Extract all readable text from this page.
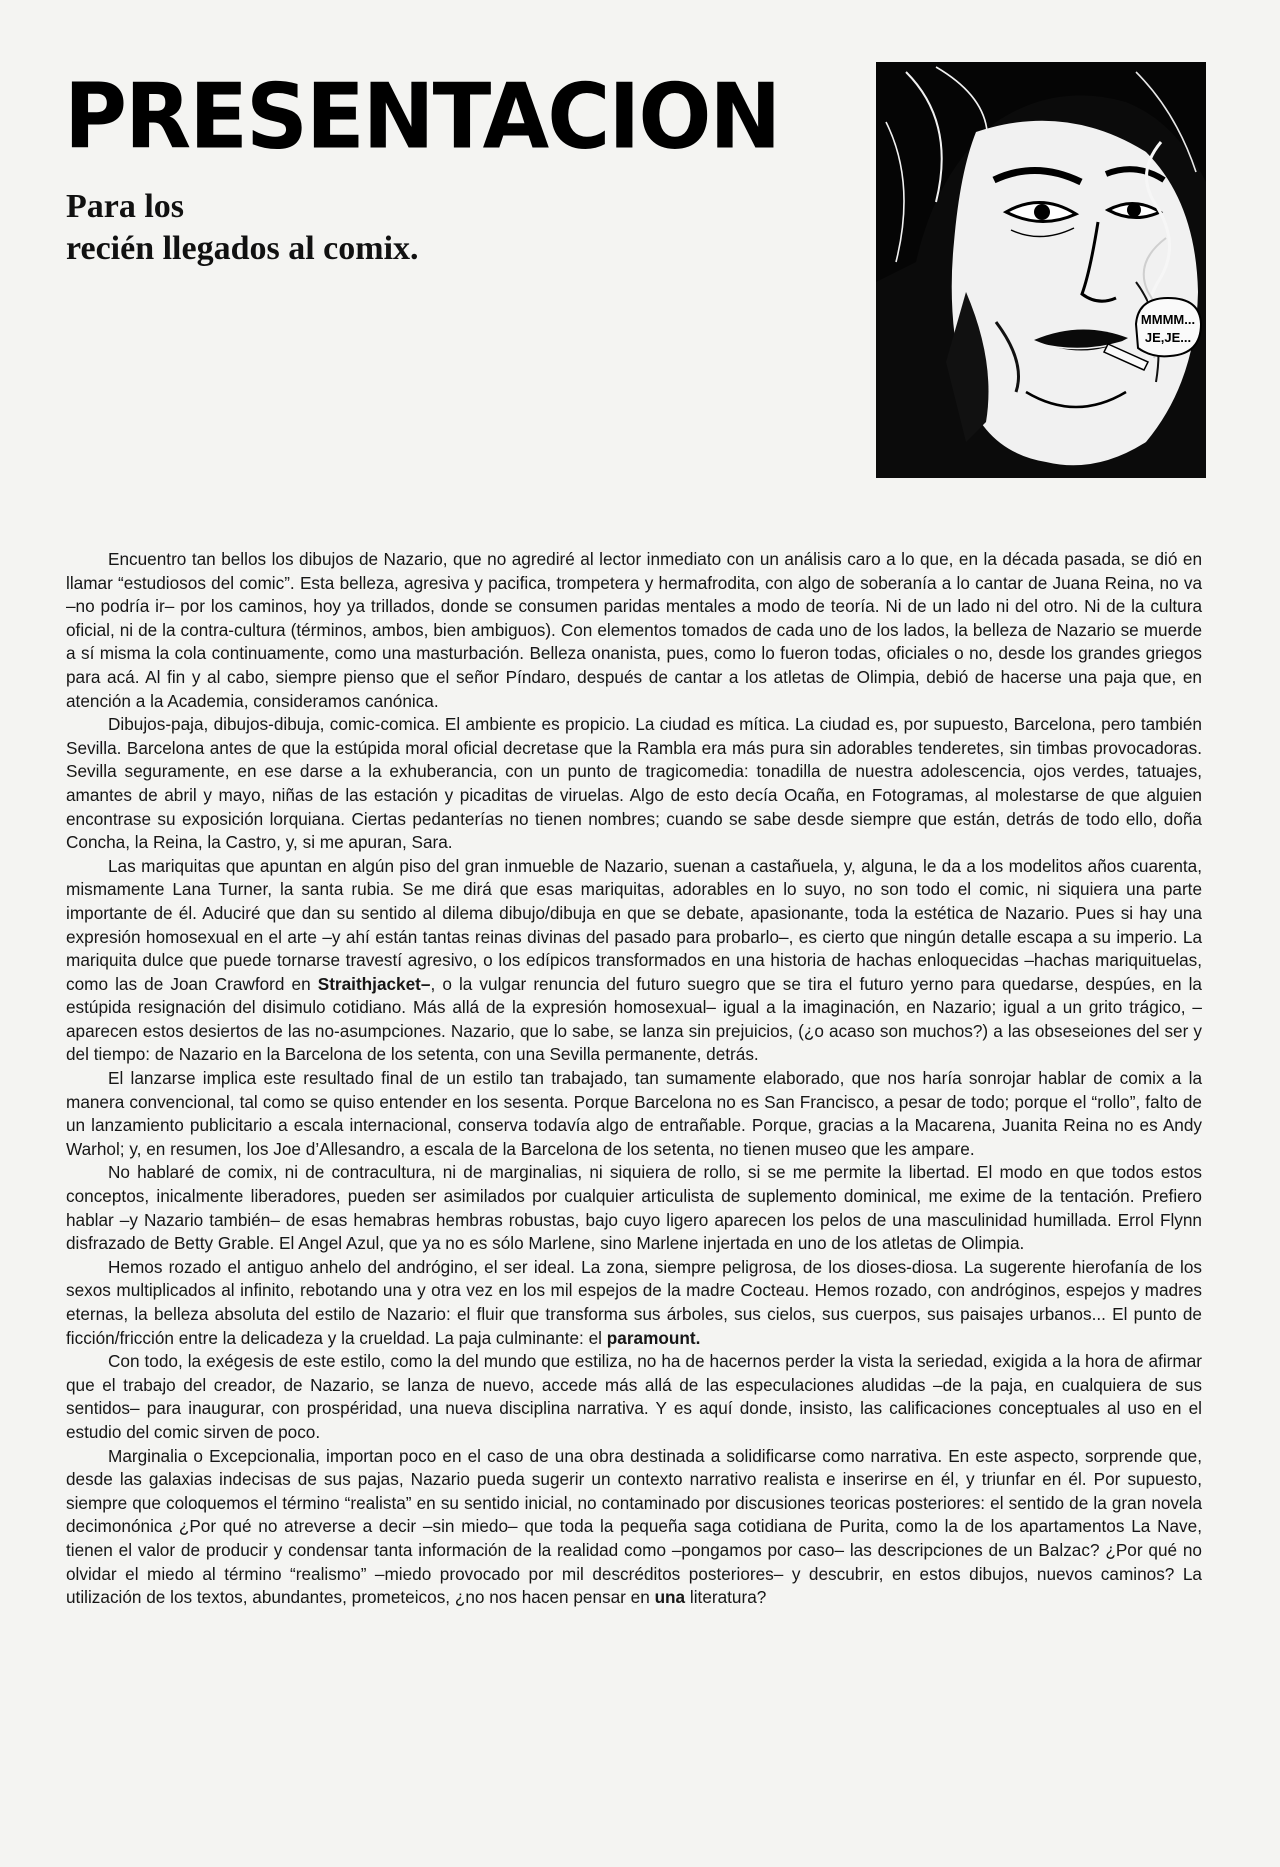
PRESENTACION
Para los
recién llegados al comix.
MMMM...
JE,JE...

Encuentro tan bellos los dibujos de Nazario, que no agrediré al lector inmediato con un análisis caro a lo que, en la década pasada, se dió en llamar “estudiosos del comic”. Esta belleza, agresiva y pacifica, trompetera y hermafrodita, con algo de soberanía a lo cantar de Juana Reina, no va –no podría ir– por los caminos, hoy ya trillados, donde se consumen paridas mentales a modo de teoría. Ni de un lado ni del otro. Ni de la cultura oficial, ni de la contra-cultura (términos, ambos, bien ambiguos). Con elementos tomados de cada uno de los lados, la belleza de Nazario se muerde a sí misma la cola continuamente, como una masturbación. Belleza onanista, pues, como lo fueron todas, oficiales o no, desde los grandes griegos para acá. Al fin y al cabo, siempre pienso que el señor Píndaro, después de cantar a los atletas de Olimpia, debió de hacerse una paja que, en atención a la Academia, consideramos canónica.

Dibujos-paja, dibujos-dibuja, comic-comica. El ambiente es propicio. La ciudad es mítica. La ciudad es, por supuesto, Barcelona, pero también Sevilla. Barcelona antes de que la estúpida moral oficial decretase que la Rambla era más pura sin adorables tenderetes, sin timbas provocadoras. Sevilla seguramente, en ese darse a la exhuberancia, con un punto de tragicomedia: tonadilla de nuestra adolescencia, ojos verdes, tatuajes, amantes de abril y mayo, niñas de las estación y picaditas de viruelas. Algo de esto decía Ocaña, en Fotogramas, al molestarse de que alguien encontrase su exposición lorquiana. Ciertas pedanterías no tienen nombres; cuando se sabe desde siempre que están, detrás de todo ello, doña Concha, la Reina, la Castro, y, si me apuran, Sara.

Las mariquitas que apuntan en algún piso del gran inmueble de Nazario, suenan a castañuela, y, alguna, le da a los modelitos años cuarenta, mismamente Lana Turner, la santa rubia. Se me dirá que esas mariquitas, adorables en lo suyo, no son todo el comic, ni siquiera una parte importante de él. Aduciré que dan su sentido al dilema dibujo/dibuja en que se debate, apasionante, toda la estética de Nazario. Pues si hay una expresión homosexual en el arte –y ahí están tantas reinas divinas del pasado para probarlo–, es cierto que ningún detalle escapa a su imperio. La mariquita dulce que puede tornarse travestí agresivo, o los edípicos transformados en una historia de hachas enloquecidas –hachas mariquituelas, como las de Joan Crawford en Straithjacket–, o la vulgar renuncia del futuro suegro que se tira el futuro yerno para quedarse, despúes, en la estúpida resignación del disimulo cotidiano. Más allá de la expresión homosexual– igual a la imaginación, en Nazario; igual a un grito trágico, –aparecen estos desiertos de las no-asumpciones. Nazario, que lo sabe, se lanza sin prejuicios, (¿o acaso son muchos?) a las obseseiones del ser y del tiempo: de Nazario en la Barcelona de los setenta, con una Sevilla permanente, detrás.

El lanzarse implica este resultado final de un estilo tan trabajado, tan sumamente elaborado, que nos haría sonrojar hablar de comix a la manera convencional, tal como se quiso entender en los sesenta. Porque Barcelona no es San Francisco, a pesar de todo; porque el “rollo”, falto de un lanzamiento publicitario a escala internacional, conserva todavía algo de entrañable. Porque, gracias a la Macarena, Juanita Reina no es Andy Warhol; y, en resumen, los Joe d’Allesandro, a escala de la Barcelona de los setenta, no tienen museo que les ampare.

No hablaré de comix, ni de contracultura, ni de marginalias, ni siquiera de rollo, si se me permite la libertad. El modo en que todos estos conceptos, inicalmente liberadores, pueden ser asimilados por cualquier articulista de suplemento dominical, me exime de la tentación. Prefiero hablar –y Nazario también– de esas hemabras hembras robustas, bajo cuyo ligero aparecen los pelos de una masculinidad humillada. Errol Flynn disfrazado de Betty Grable. El Angel Azul, que ya no es sólo Marlene, sino Marlene injertada en uno de los atletas de Olimpia.

Hemos rozado el antiguo anhelo del andrógino, el ser ideal. La zona, siempre peligrosa, de los dioses-diosa. La sugerente hierofanía de los sexos multiplicados al infinito, rebotando una y otra vez en los mil espejos de la madre Cocteau. Hemos rozado, con andróginos, espejos y madres eternas, la belleza absoluta del estilo de Nazario: el fluir que transforma sus árboles, sus cielos, sus cuerpos, sus paisajes urbanos... El punto de ficción/fricción entre la delicadeza y la crueldad. La paja culminante: el paramount.

Con todo, la exégesis de este estilo, como la del mundo que estiliza, no ha de hacernos perder la vista la seriedad, exigida a la hora de afirmar que el trabajo del creador, de Nazario, se lanza de nuevo, accede más allá de las especulaciones aludidas –de la paja, en cualquiera de sus sentidos– para inaugurar, con prospéridad, una nueva disciplina narrativa. Y es aquí donde, insisto, las calificaciones conceptuales al uso en el estudio del comic sirven de poco.

Marginalia o Excepcionalia, importan poco en el caso de una obra destinada a solidificarse como narrativa. En este aspecto, sorprende que, desde las galaxias indecisas de sus pajas, Nazario pueda sugerir un contexto narrativo realista e inserirse en él, y triunfar en él. Por supuesto, siempre que coloquemos el término “realista” en su sentido inicial, no contaminado por discusiones teoricas posteriores: el sentido de la gran novela decimonónica ¿Por qué no atreverse a decir –sin miedo– que toda la pequeña saga cotidiana de Purita, como la de los apartamentos La Nave, tienen el valor de producir y condensar tanta información de la realidad como –pongamos por caso– las descripciones de un Balzac? ¿Por qué no olvidar el miedo al término “realismo” –miedo provocado por mil descréditos posteriores– y descubrir, en estos dibujos, nuevos caminos? La utilización de los textos, abundantes, prometeicos, ¿no nos hacen pensar en una literatura?
